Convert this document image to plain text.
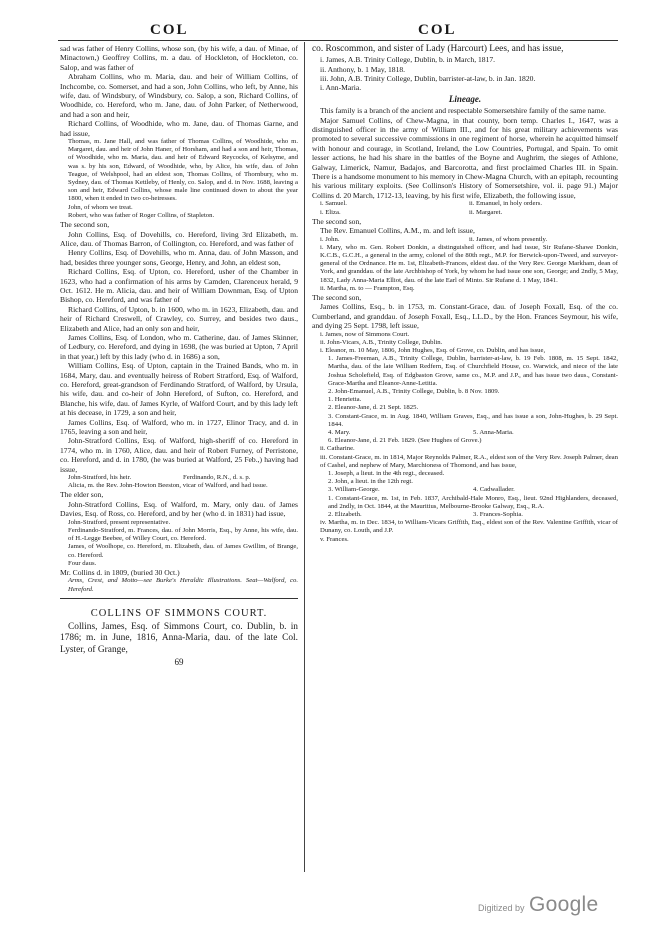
COL	COL

sad was father of Henry Collins, whose son, (by his wife, a dau. of Minae, of Minactown,) Geoffrey Collins, m. a dau. of Hockleton, of Hockleton, co. Salop, and was father of

Abraham Collins, who m. Maria, dau. and heir of William Collins, of Inchcombe, co. Somerset, and had a son, John Collins, who left, by Anne, his wife, dau. of Windsbury, of Windsbury, co. Salop, a son, Richard Collins, of Woodhide, co. Hereford, who m. Jane, dau. of John Parker, of Netherwood, and had a son and heir,

Richard Collins, of Woodhide, who m. Jane, dau. of Thomas Garne, and had issue,

Thomas, m. Jane Hall, and was father of Thomas Collins, of Woodhide, who m. Margaret, dau. and heir of John Haner, of Horsham, and had a son and heir, Thomas, of Woodhide, who m. Maria, dau. and heir of Edward Reycocks, of Kelsyme, and was s. by his son, Edward, of Woodhide, who, by Alice, his wife, dau. of John Teague, of Welshpool, had an eldest son, Thomas Collins, of Thornbury, who m. Sydney, dau. of Thomas Kettleby, of Henly, co. Salop, and d. in Nov. 1688, leaving a son and heir, Edward Collins, whose male line continued down to about the year 1800, when it ended in two co-heiresses.

John, of whom we treat.

Robert, who was father of Roger Collins, of Stapleton.

The second son,

John Collins, Esq. of Dovehills, co. Hereford, living 3rd Elizabeth, m. Alice, dau. of Thomas Barron, of Collington, co. Hereford, and was father of

Henry Collins, Esq. of Dovehills, who m. Anna, dau. of John Masson, and had, besides three younger sons, George, Henry, and John, an eldest son,

Richard Collins, Esq. of Upton, co. Hereford, usher of the Chamber in 1623, who had a confirmation of his arms by Camden, Clarenceux herald, 9 Oct. 1612. He m. Alicia, dau. and heir of William Downman, Esq. of Upton Bishop, co. Hereford, and was father of

Richard Collins, of Upton, b. in 1600, who m. in 1623, Elizabeth, dau. and heir of Richard Creswell, of Crawley, co. Surrey, and besides two daus., Elizabeth and Alice, had an only son and heir,

James Collins, Esq. of London, who m. Catherine, dau. of James Skinner, of Ledbury, co. Hereford, and dying in 1698, (he was buried at Upton, 7 April in that year,) left by this lady (who d. in 1686) a son,

William Collins, Esq. of Upton, captain in the Trained Bands, who m. in 1684, Mary, dau. and eventually heiress of Robert Stratford, Esq. of Walford, co. Hereford, great-grandson of Ferdinando Stratford, of Walford, by Ursula, his wife, dau. and co-heir of John Hereford, of Sufton, co. Hereford, and Blanche, his wife, dau. of James Kyrle, of Walford Court, and by this lady left at his decease, in 1729, a son and heir,

James Collins, Esq. of Walford, who m. in 1727, Elinor Tracy, and d. in 1765, leaving a son and heir,

John-Stratford Collins, Esq. of Walford, high-sheriff of co. Hereford in 1774, who m. in 1760, Alice, dau. and heir of Robert Furney, of Perristone, co. Hereford, and d. in 1780, (he was buried at Walford, 25 Feb.,) having had issue,

John-Stratford, his heir.	Ferdinando, R.N., d. s. p.

Alicia, m. the Rev. John-Howton Beeston, vicar of Walford, and had issue.

The elder son,

John-Stratford Collins, Esq. of Walford, m. Mary, only dau. of James Davies, Esq. of Ross, co. Hereford, and by her (who d. in 1831) had issue,

John-Stratford, present representative.

Ferdinando-Stratford, m. Frances, dau. of John Morris, Esq., by Anne, his wife, dau. of H.-Legge Beebee, of Willey Court, co. Hereford.

James, of Woolhope, co. Hereford, m. Elizabeth, dau. of James Gwillim, of Brange, co. Hereford.

Four daus.

Mr. Collins d. in 1809, (buried 30 Oct.)

Arms, Crest, and Motto—see Burke's Heraldic Illustrations. Seat—Walford, co. Hereford.

COLLINS OF SIMMONS COURT.

Collins, James, Esq. of Simmons Court, co. Dublin, b. in 1786; m. in June, 1816, Anna-Maria, dau. of the late Col. Lyster, of Grange,

69

co. Roscommon, and sister of Lady (Harcourt) Lees, and has issue,

i. James, A.B. Trinity College, Dublin, b. in March, 1817.

ii. Anthony, b. 1 May, 1818.

iii. John, A.B. Trinity College, Dublin, barrister-at-law, b. in Jan. 1820.

i. Ann-Maria.

Lineage.

This family is a branch of the ancient and respectable Somersetshire family of the same name.

Major Samuel Collins, of Chew-Magna, in that county, born temp. Charles I., 1647, was a distinguished officer in the army of William III., and for his great military achievements was promoted to several successive commissions in one regiment of horse, wherein he acquitted himself with honour and courage, in Scotland, Ireland, the Low Countries, Portugal, and Spain. To omit lesser actions, he had his share in the battles of the Boyne and Aughrim, the sieges of Athlone, Galway, Limerick, Namur, Badajos, and Barcorotta, and first proclaimed Charles III. in Spain. There is a handsome monument to his memory in Chew-Magna Church, with an epitaph, recounting his various military exploits. (See Collinson's History of Somersetshire, vol. ii. page 91.) Major Collins d. 20 March, 1712-13, leaving, by his first wife, Elizabeth, the following issue,

i. Samuel.	ii. Emanuel, in holy orders.
i. Eliza.	ii. Margaret.

The second son,

The Rev. Emanuel Collins, A.M., m. and left issue,

i. John.	ii. James, of whom presently.

i. Mary, who m. Gen. Robert Donkin, a distinguished officer, and had issue, Sir Rufane-Shawe Donkin, K.C.B., G.C.H., a general in the army, colonel of the 80th regt., M.P. for Berwick-upon-Tweed, and surveyor-general of the Ordnance. He m. 1st, Elizabeth-Frances, eldest dau. of the Very Rev. George Markham, dean of York, and granddau. of the late Archbishop of York, by whom he had issue one son, George; and 2ndly, 5 May, 1832, Lady Anna-Maria Elliot, dau. of the late Earl of Minto. Sir Rufane d. 1 May, 1841.

ii. Martha, m. to — Frampton, Esq.

The second son,

James Collins, Esq., b. in 1753, m. Constant-Grace, dau. of Joseph Foxall, Esq. of the co. Cumberland, and granddau. of Joseph Foxall, Esq., LL.D., by the Hon. Frances Seymour, his wife, and dying 25 Sept. 1798, left issue,

i. James, now of Simmons Court.

ii. John-Vicars, A.B., Trinity College, Dublin.

i. Eleanor, m. 10 May, 1806, John Hughes, Esq. of Grove, co. Dublin, and has issue,

1. James-Freeman, A.B., Trinity College, Dublin, barrister-at-law, b. 19 Feb. 1808, m. 15 Sept. 1842, Martha, dau. of the late William Redfern, Esq. of Churchfield House, co. Warwick, and niece of the late Joshua Scholefield, Esq. of Edgbaston Grove, same co., M.P. and J.P., and has issue two daus., Constant-Grace-Martha and Eleanor-Anne-Letitia.

2. John-Emanuel, A.B., Trinity College, Dublin, b. 8 Nov. 1809.

1. Henrietta.

2. Eleanor-Jane, d. 21 Sept. 1825.

3. Constant-Grace, m. in Aug. 1840, William Graves, Esq., and has issue a son, John-Hughes, b. 29 Sept. 1844.

4. Mary.	5. Anna-Maria.

6. Eleanor-Jane, d. 21 Feb. 1829. (See Hughes of Grove.)

ii. Catharine.

iii. Constant-Grace, m. in 1814, Major Reynolds Palmer, R.A., eldest son of the Very Rev. Joseph Palmer, dean of Cashel, and nephew of Mary, Marchioness of Thomond, and has issue,

1. Joseph, a lieut. in the 4th regt., deceased.

2. John, a lieut. in the 12th regt.

3. William-George.	4. Cadwallader.

1. Constant-Grace, m. 1st, in Feb. 1837, Archibald-Hale Monro, Esq., lieut. 92nd Highlanders, deceased, and 2ndly, in Oct. 1844, at the Mauritius, Melbourne-Brooke Galway, Esq., R.A.

2. Elizabeth.	3. Frances-Sophia.

iv. Martha, m. in Dec. 1834, to William-Vicars Griffith, Esq., eldest son of the Rev. Valentine Griffith, vicar of Dunany, co. Louth, and J.P.

v. Frances.

Digitized by Google
